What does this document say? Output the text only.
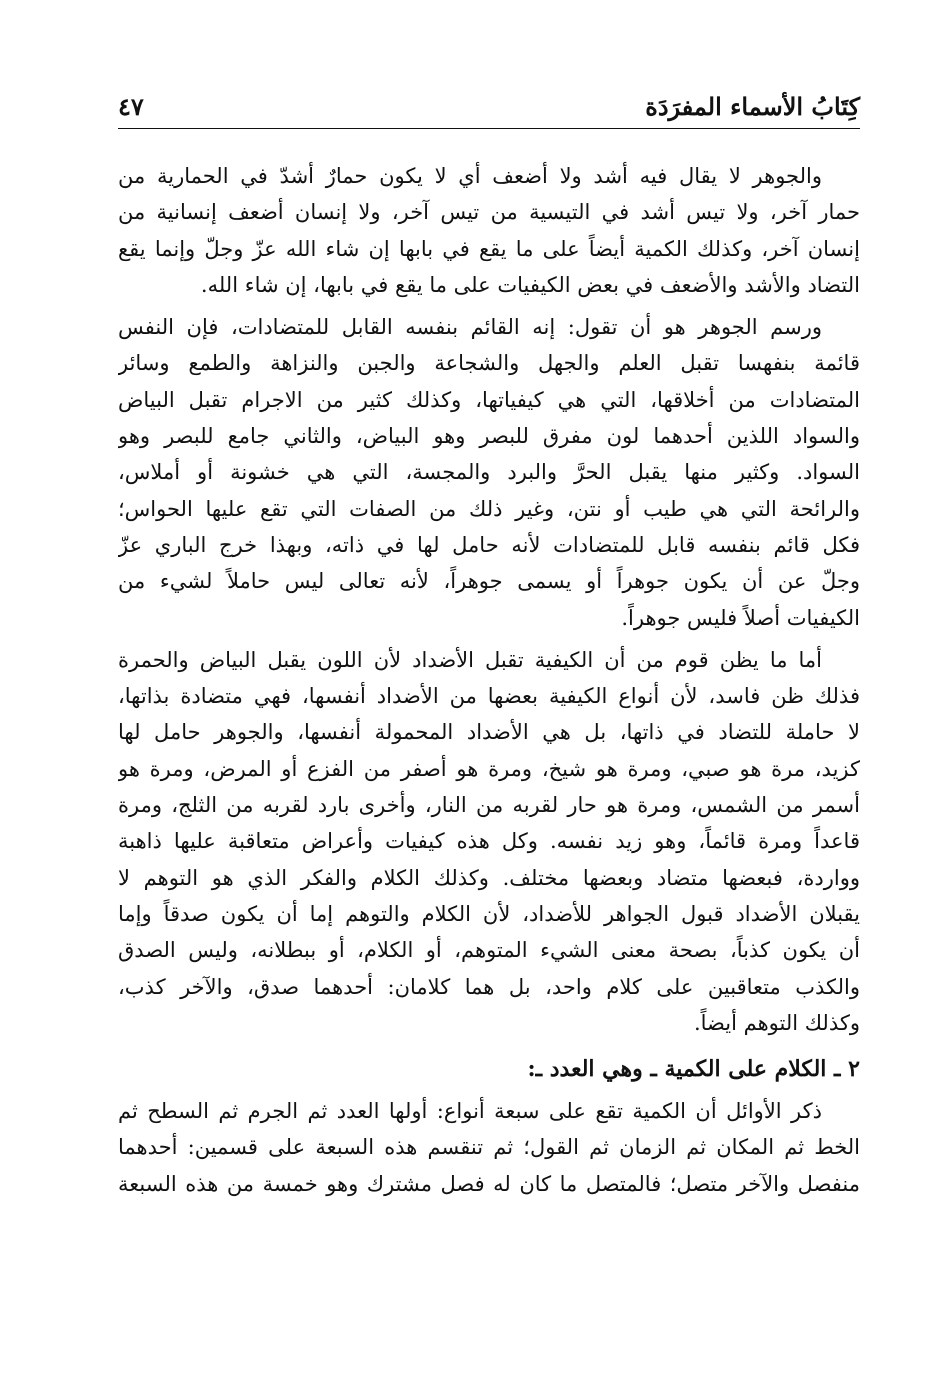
كِتَابُ الأسماء المفرَدَة
٤٧
والجوهر لا يقال فيه أشد ولا أضعف أي لا يكون حمارٌ أشدّ في الحمارية من
حمار آخر، ولا تيس أشد في التيسية من تيس آخر، ولا إنسان أضعف إنسانية من
إنسان آخر، وكذلك الكمية أيضاً على ما يقع في بابها إن شاء الله عزّ وجلّ وإنما يقع
التضاد والأشد والأضعف في بعض الكيفيات على ما يقع في بابها، إن شاء الله.
ورسم الجوهر هو أن تقول: إنه القائم بنفسه القابل للمتضادات، فإن النفس
قائمة بنفهسا تقبل العلم والجهل والشجاعة والجبن والنزاهة والطمع وسائر
المتضادات من أخلاقها، التي هي كيفياتها، وكذلك كثير من الاجرام تقبل البياض
والسواد اللذين أحدهما لون مفرق للبصر وهو البياض، والثاني جامع للبصر وهو
السواد. وكثير منها يقبل الحرَّ والبرد والمجسة، التي هي خشونة أو أملاس،
والرائحة التي هي طيب أو نتن، وغير ذلك من الصفات التي تقع عليها الحواس؛
فكل قائم بنفسه قابل للمتضادات لأنه حامل لها في ذاته، وبهذا خرج الباري عزّ
وجلّ عن أن يكون جوهراً أو يسمى جوهراً، لأنه تعالى ليس حاملاً لشيء من
الكيفيات أصلاً فليس جوهراً.
أما ما يظن قوم من أن الكيفية تقبل الأضداد لأن اللون يقبل البياض والحمرة
فذلك ظن فاسد، لأن أنواع الكيفية بعضها من الأضداد أنفسها، فهي متضادة بذاتها،
لا حاملة للتضاد في ذاتها، بل هي الأضداد المحمولة أنفسها، والجوهر حامل لها
كزيد، مرة هو صبي، ومرة هو شيخ، ومرة هو أصفر من الفزع أو المرض، ومرة هو
أسمر من الشمس، ومرة هو حار لقربه من النار، وأخرى بارد لقربه من الثلج، ومرة
قاعداً ومرة قائماً، وهو زيد نفسه. وكل هذه كيفيات وأعراض متعاقبة عليها ذاهبة
وواردة، فبعضها متضاد وبعضها مختلف. وكذلك الكلام والفكر الذي هو التوهم لا
يقبلان الأضداد قبول الجواهر للأضداد، لأن الكلام والتوهم إما أن يكون صدقاً وإما
أن يكون كذباً، بصحة معنى الشيء المتوهم، أو الكلام، أو ببطلانه، وليس الصدق
والكذب متعاقبين على كلام واحد، بل هما كلامان: أحدهما صدق، والآخر كذب،
وكذلك التوهم أيضاً.
٢ ـ الكلام على الكمية ـ وهي العدد ـ:
ذكر الأوائل أن الكمية تقع على سبعة أنواع: أولها العدد ثم الجرم ثم السطح ثم
الخط ثم المكان ثم الزمان ثم القول؛ ثم تنقسم هذه السبعة على قسمين: أحدهما
منفصل والآخر متصل؛ فالمتصل ما كان له فصل مشترك وهو خمسة من هذه السبعة
